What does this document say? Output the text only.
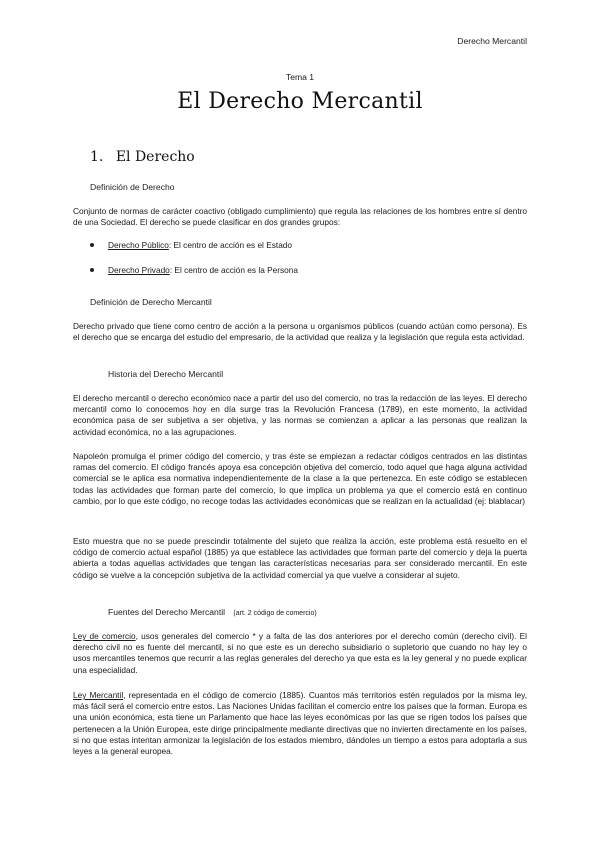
Derecho Mercantil
Tema 1
El Derecho Mercantil
1. El Derecho
Definición de Derecho
Conjunto de normas de carácter coactivo (obligado cumplimiento) que regula las relaciones de los hombres entre sí dentro de una Sociedad. El derecho se puede clasificar en dos grandes grupos:
Derecho Público: El centro de acción es el Estado
Derecho Privado: El centro de acción es la Persona
Definición de Derecho Mercantil
Derecho privado que tiene como centro de acción a la persona u organismos públicos (cuando actúan como persona). Es el derecho que se encarga del estudio del empresario, de la actividad que realiza y la legislación que regula esta actividad.
Historia del Derecho Mercantil
El derecho mercantil o derecho económico nace a partir del uso del comercio, no tras la redacción de las leyes. El derecho mercantil como lo conocemos hoy en día surge tras la Revolución Francesa (1789), en este momento, la actividad económica pasa de ser subjetiva a ser objetiva, y las normas se comienzan a aplicar a las personas que realizan la actividad económica, no a las agrupaciones.
Napoleón promulga el primer código del comercio, y tras éste se empiezan a redactar códigos centrados en las distintas ramas del comercio. El código francés apoya esa concepción objetiva del comercio, todo aquel que haga alguna actividad comercial se le aplica esa normativa independientemente de la clase a la que pertenezca. En este código se establecen todas las actividades que forman parte del comercio, lo que implica un problema ya que el comercio está en continuo cambio, por lo que este código, no recoge todas las actividades económicas que se realizan en la actualidad (ej: blablacar)
Esto muestra que no se puede prescindir totalmente del sujeto que realiza la acción, este problema está resuelto en el código de comercio actual español (1885) ya que establece las actividades que forman parte del comercio y deja la puerta abierta a todas aquellas actividades que tengan las características necesarias para ser considerado mercantil. En este código se vuelve a la concepción subjetiva de la actividad comercial ya que vuelve a considerar al sujeto.
Fuentes del Derecho Mercantil (art. 2 código de comercio)
Ley de comercio, usos generales del comercio * y a falta de las dos anteriores por el derecho común (derecho civil). El derecho civil no es fuente del mercantil, si no que este es un derecho subsidiario o supletorio que cuando no hay ley o usos mercantiles tenemos que recurrir a las reglas generales del derecho ya que esta es la ley general y no puede explicar una especialidad.
Ley Mercantil, representada en el código de comercio (1885). Cuantos más territorios estén regulados por la misma ley, más fácil será el comercio entre estos. Las Naciones Unidas facilitan el comercio entre los países que la forman. Europa es una unión económica, esta tiene un Parlamento que hace las leyes económicas por las que se rigen todos los países que pertenecen a la Unión Europea, este dirige principalmente mediante directivas que no invierten directamente en los países, si no que estas intentan armonizar la legislación de los estados miembro, dándoles un tiempo a estos para adoptarla a sus leyes a la general europea.
